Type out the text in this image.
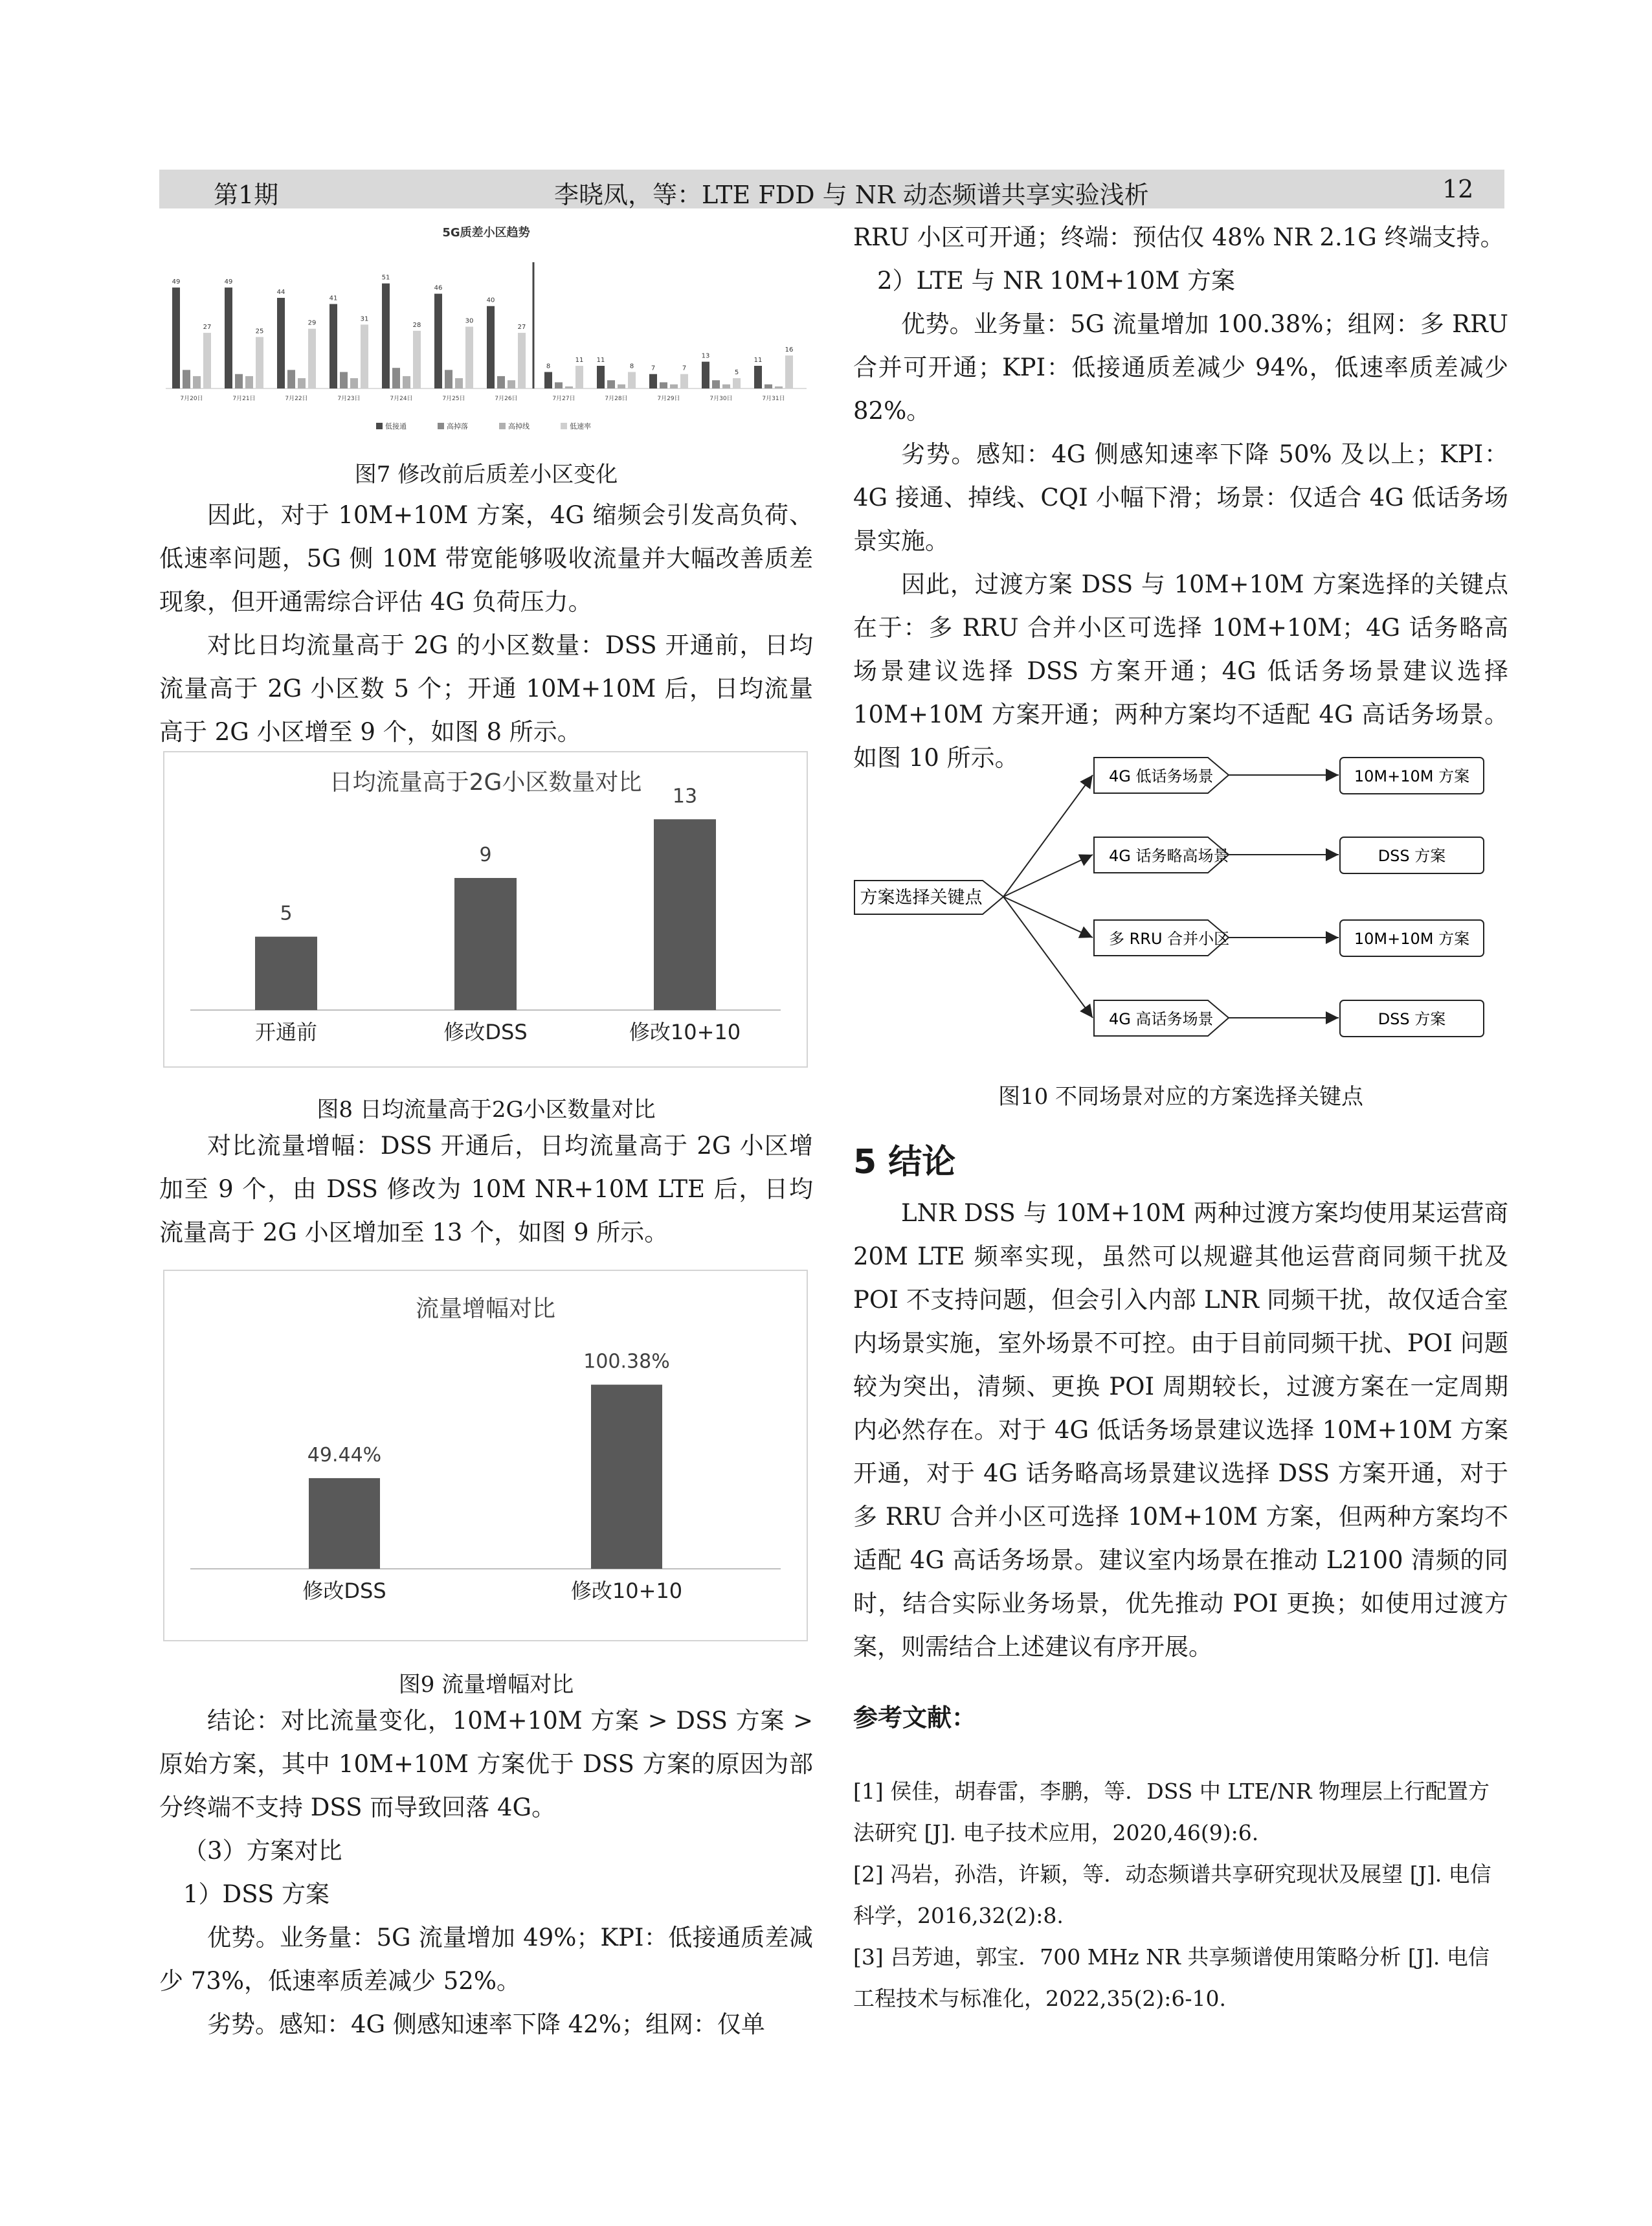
第1期	李晓凤，等：LTE FDD 与 NR 动态频谱共享实验浅析	12
5G质差小区趋势
49
27
7月20日
49
25
7月21日
44
29
7月22日
41
31
7月23日
51
28
7月24日
46
30
7月25日
40
27
7月26日
8
11
7月27日
11
8
7月28日
7	7
7月29日
13
5
7月30日
11
16
7月31日
低接通	高掉落	高掉线	低速率
图7 修改前后质差小区变化

因此，对于 10M+10M 方案，4G 缩频会引发高负荷、低速率问题，5G 侧 10M 带宽能够吸收流量并大幅改善质差现象，但开通需综合评估 4G 负荷压力。

对比日均流量高于 2G 的小区数量：DSS 开通前，日均流量高于 2G 小区数 5 个；开通 10M+10M 后，日均流量高于 2G 小区增至 9 个，如图 8 所示。

日均流量高于2G小区数量对比
5
开通前
9
修改DSS
13
修改10+10
图8 日均流量高于2G小区数量对比

对比流量增幅：DSS 开通后，日均流量高于 2G 小区增加至 9 个，由 DSS 修改为 10M NR+10M LTE 后，日均流量高于 2G 小区增加至 13 个，如图 9 所示。

流量增幅对比
49.44%
修改DSS
100.38%
修改10+10
图9 流量增幅对比

结论：对比流量变化，10M+10M 方案 > DSS 方案 > 原始方案，其中 10M+10M 方案优于 DSS 方案的原因为部分终端不支持 DSS 而导致回落 4G。

（3）方案对比

1）DSS 方案

优势。业务量：5G 流量增加 49%；KPI：低接通质差减少 73%，低速率质差减少 52%。

劣势。感知：4G 侧感知速率下降 42%；组网：仅单

RRU 小区可开通；终端：预估仅 48% NR 2.1G 终端支持。

2）LTE 与 NR 10M+10M 方案

优势。业务量：5G 流量增加 100.38%；组网：多 RRU 合并可开通；KPI：低接通质差减少 94%，低速率质差减少 82%。

劣势。感知：4G 侧感知速率下降 50% 及以上；KPI：4G 接通、掉线、CQI 小幅下滑；场景：仅适合 4G 低话务场景实施。

因此，过渡方案 DSS 与 10M+10M 方案选择的关键点在于：多 RRU 合并小区可选择 10M+10M；4G 话务略高场景建议选择 DSS 方案开通；4G 低话务场景建议选择 10M+10M 方案开通；两种方案均不适配 4G 高话务场景。如图 10 所示。

方案选择关键点
4G 低话务场景	10M+10M 方案
4G 话务略高场景	DSS 方案
多 RRU 合并小区	10M+10M 方案
4G 高话务场景	DSS 方案
图10 不同场景对应的方案选择关键点
5 结论

LNR DSS 与 10M+10M 两种过渡方案均使用某运营商 20M LTE 频率实现，虽然可以规避其他运营商同频干扰及 POI 不支持问题，但会引入内部 LNR 同频干扰，故仅适合室内场景实施，室外场景不可控。由于目前同频干扰、POI 问题较为突出，清频、更换 POI 周期较长，过渡方案在一定周期内必然存在。对于 4G 低话务场景建议选择 10M+10M 方案开通，对于 4G 话务略高场景建议选择 DSS 方案开通，对于多 RRU 合并小区可选择 10M+10M 方案，但两种方案均不适配 4G 高话务场景。建议室内场景在推动 L2100 清频的同时，结合实际业务场景，优先推动 POI 更换；如使用过渡方案，则需结合上述建议有序开展。

参考文献：

[1] 侯佳，胡春雷，李鹏，等．DSS 中 LTE/NR 物理层上行配置方法研究 [J]. 电子技术应用，2020,46(9):6.

[2] 冯岩，孙浩，许颖，等．动态频谱共享研究现状及展望 [J]. 电信科学，2016,32(2):8.

[3] 吕芳迪，郭宝．700 MHz NR 共享频谱使用策略分析 [J]. 电信工程技术与标准化，2022,35(2):6-10.
